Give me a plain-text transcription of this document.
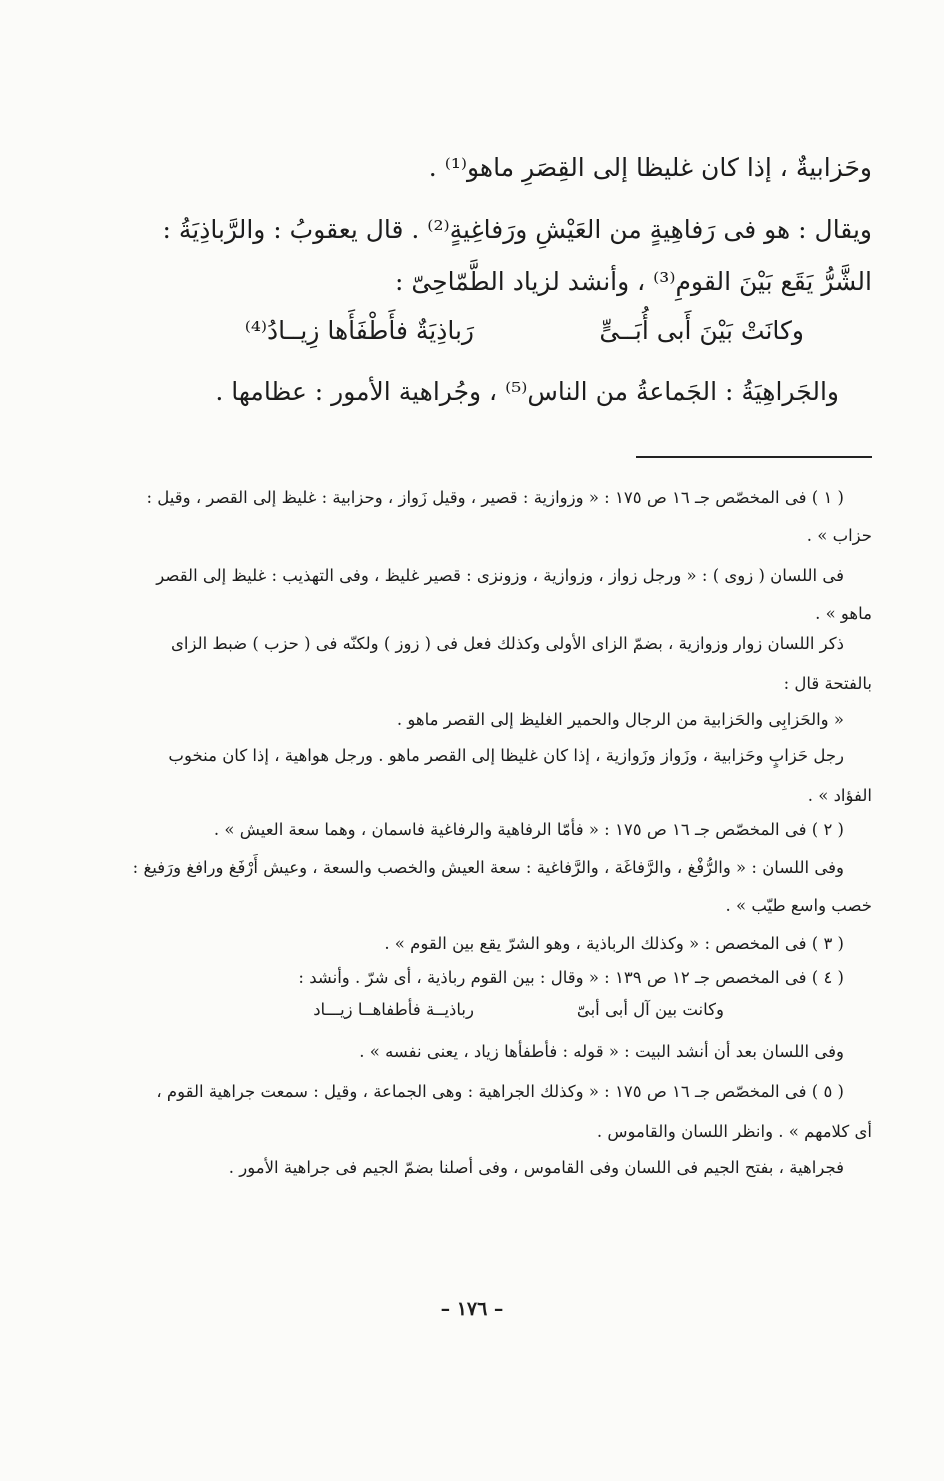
وحَزابيةٌ ، إذا كان غليظا إلى القِصَرِ ماهو⁽¹⁾ .
ويقال : هو فى رَفاهِيةٍ من العَيْشِ ورَفاغِيةٍ⁽²⁾ . قال يعقوبُ : والرَّباذِيَةُ :
الشَّرُّ يَقَع بَيْنَ القومِ⁽³⁾ ، وأنشد لزياد الطَّمّاحِىّ :
وكانَتْ بَيْنَ أَبى أُبَــىٍّ
رَباذِيَةٌ فأَطْفَأَها زِيــادُ⁽⁴⁾
والجَراهِيَةُ : الجَماعةُ من الناس⁽⁵⁾ ، وجُراهية الأمور : عظامها .
( ١ ) فى المخصّص جـ ١٦ ص ١٧٥ : « وزوازية : قصير ، وقيل زَواز ، وحزابية : غليظ إلى القصر ، وقيل :
حزاب » .
فى اللسان ( زوى ) : « ورجل زواز ، وزوازية ، وزونزى : قصير غليظ ، وفى التهذيب : غليظ إلى القصر
ماهو » .
ذكر اللسان زوار وزوازية ، بضمّ الزاى الأولى وكذلك فعل فى ( زوز ) ولكنّه فى ( حزب ) ضبط الزاى
بالفتحة قال :
« والحَزابِى والحَزابية من الرجال والحمير الغليظ إلى القصر ماهو .
رجل حَزابٍ وحَزابية ، وزَواز وزَوازية ، إذا كان غليظا إلى القصر ماهو . ورجل هواهية ، إذا كان منخوب
الفؤاد » .
( ٢ ) فى المخصّص جـ ١٦ ص ١٧٥ : « فأمّا الرفاهية والرفاغية فاسمان ، وهما سعة العيش » .
وفى اللسان : « والرُّفْغ ، والرَّفاغَة ، والرَّفاغية : سعة العيش والخصب والسعة ، وعيش أَرْفَغ ورافغ ورَفيغ :
خصب واسع طيّب » .
( ٣ ) فى المخصص : « وكذلك الرباذية ، وهو الشرّ يقع بين القوم » .
( ٤ ) فى المخصص جـ ١٢ ص ١٣٩ : « وقال : بين القوم رباذية ، أى شرّ . وأنشد :
وكانت بين آل أبى أبىّ
رباذيــة فأطفاهــا زيـــاد
وفى اللسان بعد أن أنشد البيت : « قوله : فأطفأها زياد ، يعنى نفسه » .
( ٥ ) فى المخصّص جـ ١٦ ص ١٧٥ : « وكذلك الجراهية : وهى الجماعة ، وقيل : سمعت جراهية القوم ،
أى كلامهم » . وانظر اللسان والقاموس .
فجراهية ، بفتح الجيم فى اللسان وفى القاموس ، وفى أصلنا بضمّ الجيم فى جراهية الأمور .
– ١٧٦ –
